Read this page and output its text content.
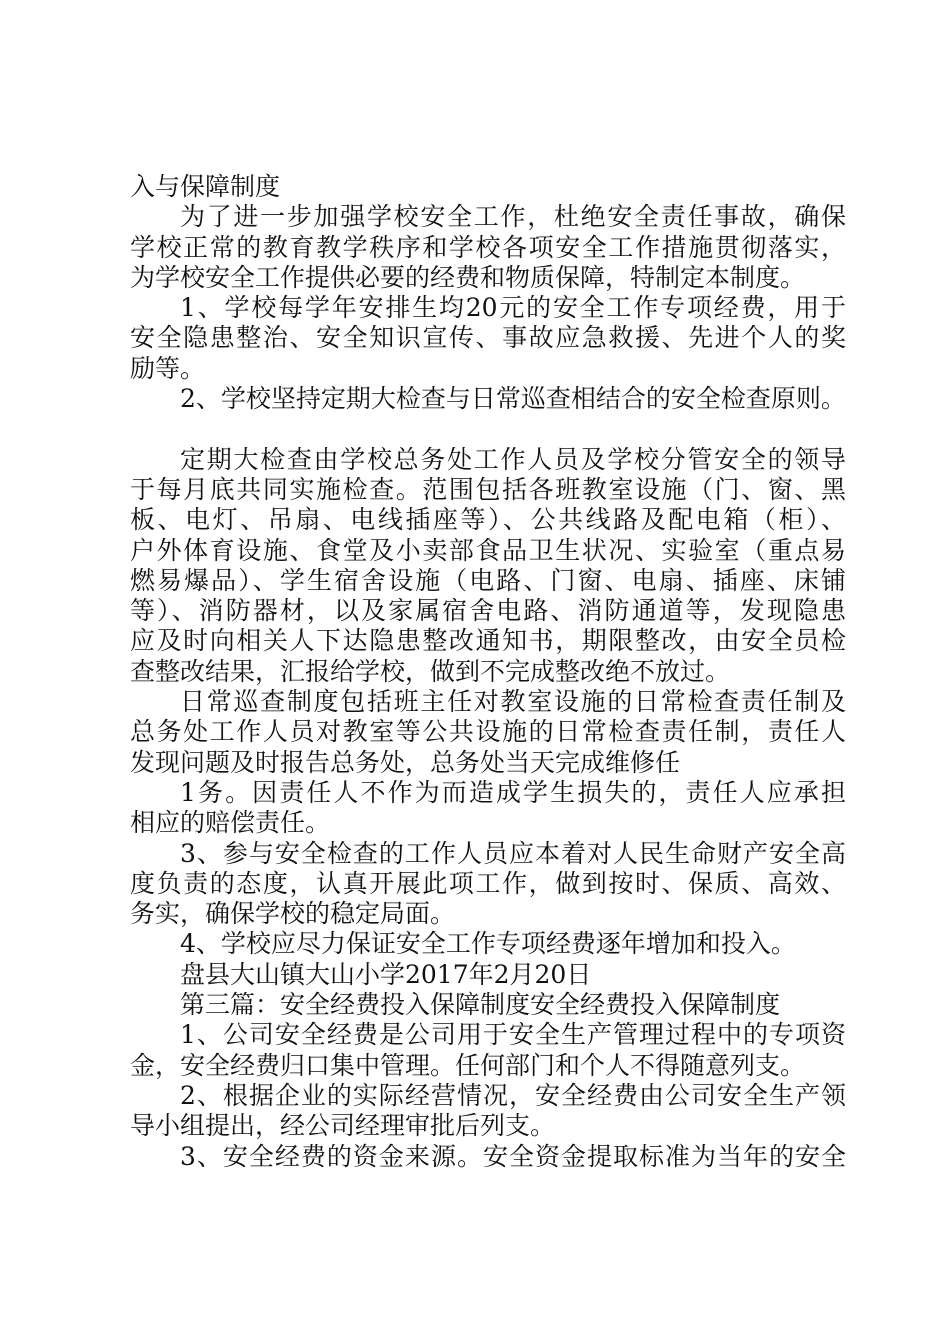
入与保障制度
为了进一步加强学校安全工作，杜绝安全责任事故，确保
学校正常的教育教学秩序和学校各项安全工作措施贯彻落实，
为学校安全工作提供必要的经费和物质保障，特制定本制度。
1、学校每学年安排生均20元的安全工作专项经费，用于
安全隐患整治、安全知识宣传、事故应急救援、先进个人的奖
励等。
2、学校坚持定期大检查与日常巡查相结合的安全检查原则。
定期大检查由学校总务处工作人员及学校分管安全的领导
于每月底共同实施检查。范围包括各班教室设施（门、窗、黑
板、电灯、吊扇、电线插座等）、公共线路及配电箱（柜）、
户外体育设施、食堂及小卖部食品卫生状况、实验室（重点易
燃易爆品）、学生宿舍设施（电路、门窗、电扇、插座、床铺
等）、消防器材，以及家属宿舍电路、消防通道等，发现隐患
应及时向相关人下达隐患整改通知书，期限整改，由安全员检
查整改结果，汇报给学校，做到不完成整改绝不放过。
日常巡查制度包括班主任对教室设施的日常检查责任制及
总务处工作人员对教室等公共设施的日常检查责任制，责任人
发现问题及时报告总务处，总务处当天完成维修任
1务。因责任人不作为而造成学生损失的，责任人应承担
相应的赔偿责任。
3、参与安全检查的工作人员应本着对人民生命财产安全高
度负责的态度，认真开展此项工作，做到按时、保质、高效、
务实，确保学校的稳定局面。
4、学校应尽力保证安全工作专项经费逐年增加和投入。
盘县大山镇大山小学2017年2月20日
第三篇：安全经费投入保障制度安全经费投入保障制度
1、公司安全经费是公司用于安全生产管理过程中的专项资
金，安全经费归口集中管理。任何部门和个人不得随意列支。
2、根据企业的实际经营情况，安全经费由公司安全生产领
导小组提出，经公司经理审批后列支。
3、安全经费的资金来源。安全资金提取标准为当年的安全
